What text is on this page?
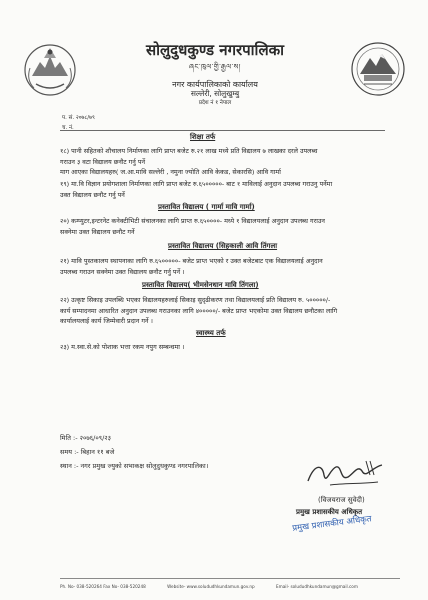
सोलुदुधकुण्ड नगरपालिका
ཞང་ཁུལ་གྱི་རྒྱལ་ས།
नगर कार्यपालिकाको कार्यालय
सल्लेरी, सोलुखुम्बु
प्रदेश नं १ नेपाल
प. सं. २०७८/७९
च. नं.
शिक्षा तर्फ
१८) पानी सहितको शौचालय निर्माणका लागि प्राप्त बजेट रु.२१ लाख मध्ये प्रति विद्यालय ७ लाखका दरले उपलब्ध
गराउन ३ वटा विद्यालय छनौट गर्नु पर्ने
माग आएका विद्यालयहरु( ज.आ.मावि सल्लेरी , नमुना ज्योति आवि केकड, सेकारसि) आवि गार्मा
१९) मा.वि विज्ञान प्रयोगशाला निर्माणका लागि प्राप्त बजेट रु.६५०००००- बाट १ मावि‍लाई अनुदान उपलब्ध गराउनु पर्नेमा
उक्त विद्यालय छनौट गर्नु पर्ने
प्रस्तावित विद्यालय ( गार्मा मावि गार्मा)
२०) कम्प्युटर,इन्टरनेट कनेक्टीभिटी संचालनका लागि प्राप्त रु.६५००००- मध्ये १ विद्यालयलाई अनुदान उपलब्ध गराउन
सक्नेमा उक्त विद्यालय छनौट गर्ने
प्रस्तावित विद्यालय (सिहकाली आवि तिंगला
२१) मावि पुस्तकालय स्थापनाका लागि रु.६५०००००- बजेट प्राप्त भएको र उक्त बजेटबाट एक विद्यालयलाई अनुदान
उपलब्ध गराउन सक्नेमा उक्त विद्यालय छनौट गर्नु पर्ने ।
प्रस्तावित विद्यालय( भीमसेनधान मावि तिंगला)
२२) उत्कृष्ट सिकाइ उपलब्धि भएका विद्यालयहरुलाई सिकाइ सुदृढीकरण तथा विद्यालयलाई प्रति विद्यालय रु. ५०००००/-
कार्य सम्पादनमा आधारित अनुदान उपलब्ध गराउनका लागि ४०००००/- बजेट प्राप्त भएकोमा उक्त विद्यालय छनौटका लागि
कार्यालयलाई कार्य जिम्मेवारी प्रदान गर्ने ।
स्वास्थ्य तर्फ
२३) म.स्वा.से.को पोशाक भत्ता रकम नपुग सम्बन्धमा ।
मिति :- २०७६/०९/२३
समय :- बिहान ११ बजे
स्थान :- नगर प्रमुख ज्युको सभाकक्ष सोलुदुधकुण्ड नगरपालिका।
(विजयराज सुवेदी)
प्रमुख प्रशासकीय अधिकृत
प्रमुख प्रशासकीय अधिकृत
Ph. No- 038-520264 Fax No- 038-520248	Website- www.solududhkundamun.gov.np	Email- solududhkundamun@gmail.com
